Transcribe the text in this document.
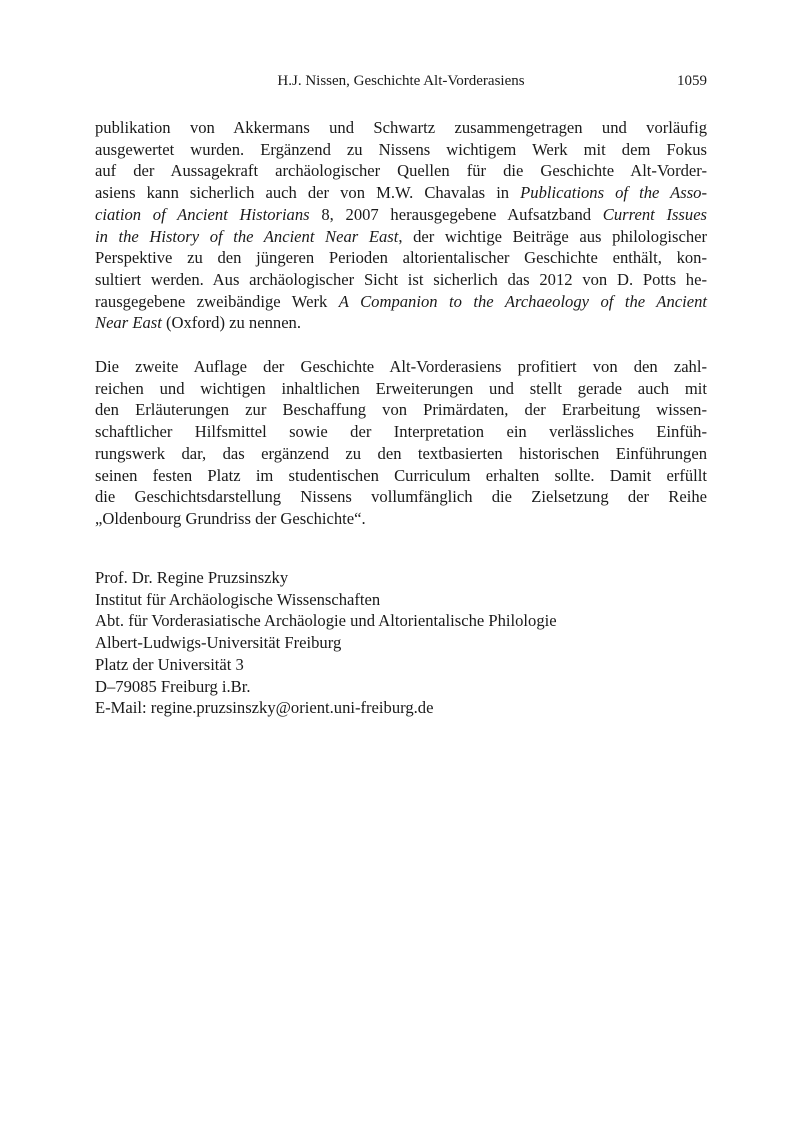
H.J. Nissen, Geschichte Alt-Vorderasiens	1059

publikation von Akkermans und Schwartz zusammengetragen und vorläufig
ausgewertet wurden. Ergänzend zu Nissens wichtigem Werk mit dem Fokus
auf der Aussagekraft archäologischer Quellen für die Geschichte Alt-Vorder-
asiens kann sicherlich auch der von M.W. Chavalas in Publications of the Asso-
ciation of Ancient Historians 8, 2007 herausgegebene Aufsatzband Current Issues
in the History of the Ancient Near East, der wichtige Beiträge aus philologischer
Perspektive zu den jüngeren Perioden altorientalischer Geschichte enthält, kon-
sultiert werden. Aus archäologischer Sicht ist sicherlich das 2012 von D. Potts he-
rausgegebene zweibändige Werk A Companion to the Archaeology of the Ancient
Near East (Oxford) zu nennen.

Die zweite Auflage der Geschichte Alt-Vorderasiens profitiert von den zahl-
reichen und wichtigen inhaltlichen Erweiterungen und stellt gerade auch mit
den Erläuterungen zur Beschaffung von Primärdaten, der Erarbeitung wissen-
schaftlicher Hilfsmittel sowie der Interpretation ein verlässliches Einfüh-
rungswerk dar, das ergänzend zu den textbasierten historischen Einführungen
seinen festen Platz im studentischen Curriculum erhalten sollte. Damit erfüllt
die Geschichtsdarstellung Nissens vollumfänglich die Zielsetzung der Reihe
„Oldenbourg Grundriss der Geschichte“.

Prof. Dr. Regine Pruzsinszky
Institut für Archäologische Wissenschaften
Abt. für Vorderasiatische Archäologie und Altorientalische Philologie
Albert-Ludwigs-Universität Freiburg
Platz der Universität 3
D–79085 Freiburg i.Br.
E-Mail: regine.pruzsinszky@orient.uni-freiburg.de
